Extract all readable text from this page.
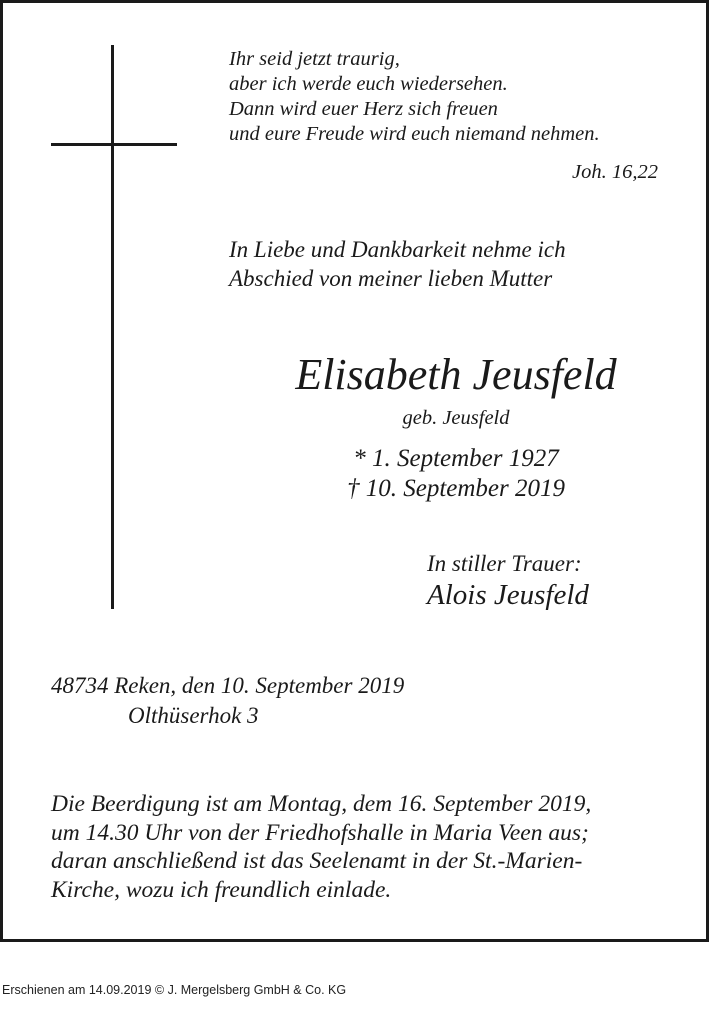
Ihr seid jetzt traurig,
aber ich werde euch wiedersehen.
Dann wird euer Herz sich freuen
und eure Freude wird euch niemand nehmen.
Joh. 16,22
In Liebe und Dankbarkeit nehme ich
Abschied von meiner lieben Mutter
Elisabeth Jeusfeld
geb. Jeusfeld
* 1. September 1927
† 10. September 2019
In stiller Trauer:
Alois Jeusfeld
48734 Reken, den 10. September 2019
Olthüserhok 3
Die Beerdigung ist am Montag, dem 16. September 2019,
um 14.30 Uhr von der Friedhofshalle in Maria Veen aus;
daran anschließend ist das Seelenamt in der St.-Marien-
Kirche, wozu ich freundlich einlade.
Erschienen am 14.09.2019 © J. Mergelsberg GmbH & Co. KG
